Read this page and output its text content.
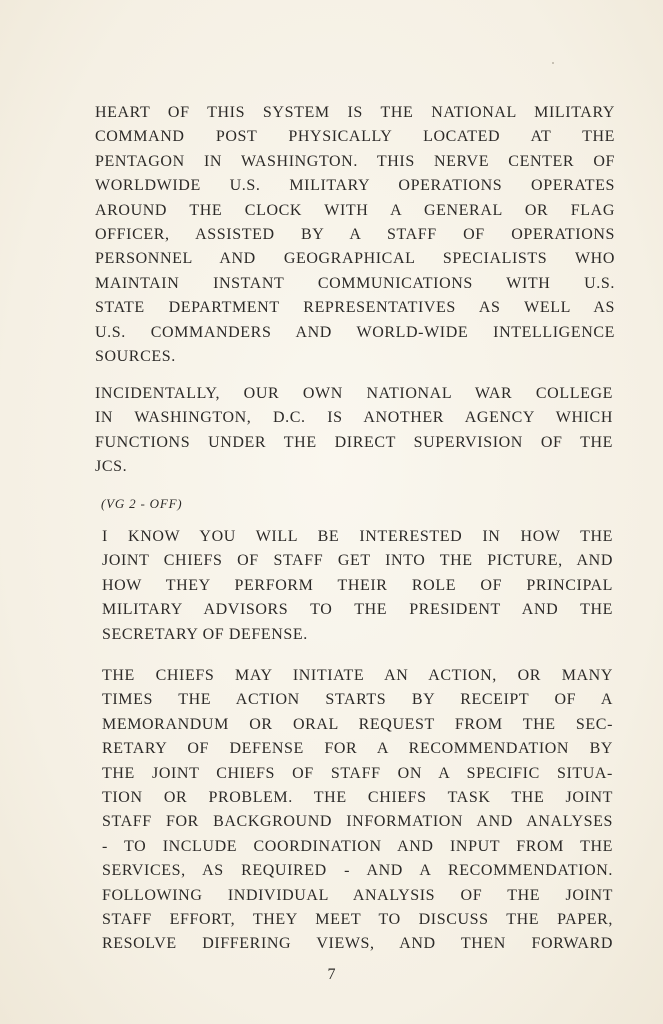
HEART OF THIS SYSTEM IS THE NATIONAL MILITARY
COMMAND POST PHYSICALLY LOCATED AT THE
PENTAGON IN WASHINGTON. THIS NERVE CENTER OF
WORLDWIDE U.S. MILITARY OPERATIONS OPERATES
AROUND THE CLOCK WITH A GENERAL OR FLAG
OFFICER, ASSISTED BY A STAFF OF OPERATIONS
PERSONNEL AND GEOGRAPHICAL SPECIALISTS WHO
MAINTAIN INSTANT COMMUNICATIONS WITH U.S.
STATE DEPARTMENT REPRESENTATIVES AS WELL AS
U.S. COMMANDERS AND WORLD-WIDE INTELLIGENCE
SOURCES.
INCIDENTALLY, OUR OWN NATIONAL WAR COLLEGE
IN WASHINGTON, D.C. IS ANOTHER AGENCY WHICH
FUNCTIONS UNDER THE DIRECT SUPERVISION OF THE
JCS.
(VG 2 - OFF)
I KNOW YOU WILL BE INTERESTED IN HOW THE
JOINT CHIEFS OF STAFF GET INTO THE PICTURE, AND
HOW THEY PERFORM THEIR ROLE OF PRINCIPAL
MILITARY ADVISORS TO THE PRESIDENT AND THE
SECRETARY OF DEFENSE.
THE CHIEFS MAY INITIATE AN ACTION, OR MANY
TIMES THE ACTION STARTS BY RECEIPT OF A
MEMORANDUM OR ORAL REQUEST FROM THE SEC-
RETARY OF DEFENSE FOR A RECOMMENDATION BY
THE JOINT CHIEFS OF STAFF ON A SPECIFIC SITUA-
TION OR PROBLEM. THE CHIEFS TASK THE JOINT
STAFF FOR BACKGROUND INFORMATION AND ANALYSES
- TO INCLUDE COORDINATION AND INPUT FROM THE
SERVICES, AS REQUIRED - AND A RECOMMENDATION.
FOLLOWING INDIVIDUAL ANALYSIS OF THE JOINT
STAFF EFFORT, THEY MEET TO DISCUSS THE PAPER,
RESOLVE DIFFERING VIEWS, AND THEN FORWARD
7
